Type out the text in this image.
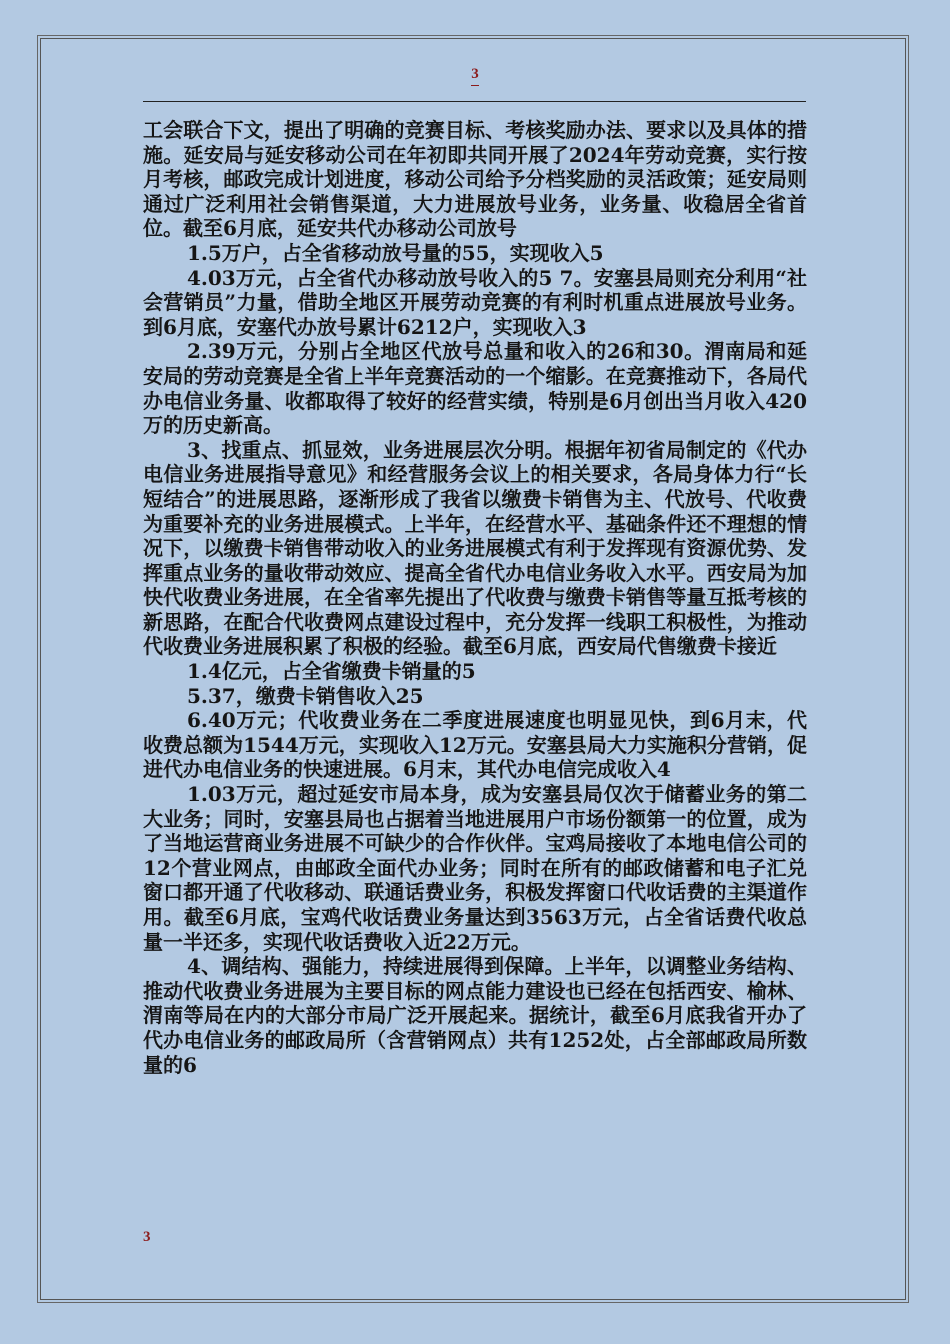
3

工会联合下文，提出了明确的竞赛目标、考核奖励办法、要求以及具体的措施。延安局与延安移动公司在年初即共同开展了2024年劳动竞赛，实行按月考核，邮政完成计划进度，移动公司给予分档奖励的灵活政策；延安局则通过广泛利用社会销售渠道，大力进展放号业务，业务量、收稳居全省首位。截至6月底，延安共代办移动公司放号

1.5万户，占全省移动放号量的55，实现收入5

4.03万元，占全省代办移动放号收入的5 7。安塞县局则充分利用“社会营销员”力量，借助全地区开展劳动竞赛的有利时机重点进展放号业务。到6月底，安塞代办放号累计6212户，实现收入3

2.39万元，分别占全地区代放号总量和收入的26和30。渭南局和延安局的劳动竞赛是全省上半年竞赛活动的一个缩影。在竞赛推动下，各局代办电信业务量、收都取得了较好的经营实绩，特别是6月创出当月收入420万的历史新高。

3、找重点、抓显效，业务进展层次分明。根据年初省局制定的《代办电信业务进展指导意见》和经营服务会议上的相关要求，各局身体力行“长短结合”的进展思路，逐渐形成了我省以缴费卡销售为主、代放号、代收费为重要补充的业务进展模式。上半年，在经营水平、基础条件还不理想的情况下，以缴费卡销售带动收入的业务进展模式有利于发挥现有资源优势、发挥重点业务的量收带动效应、提高全省代办电信业务收入水平。西安局为加快代收费业务进展，在全省率先提出了代收费与缴费卡销售等量互抵考核的新思路，在配合代收费网点建设过程中，充分发挥一线职工积极性，为推动代收费业务进展积累了积极的经验。截至6月底，西安局代售缴费卡接近

1.4亿元，占全省缴费卡销量的5

5.37，缴费卡销售收入25

6.40万元；代收费业务在二季度进展速度也明显见快，到6月末，代收费总额为1544万元，实现收入12万元。安塞县局大力实施积分营销，促进代办电信业务的快速进展。6月末，其代办电信完成收入4

1.03万元，超过延安市局本身，成为安塞县局仅次于储蓄业务的第二大业务；同时，安塞县局也占据着当地进展用户市场份额第一的位置，成为了当地运营商业务进展不可缺少的合作伙伴。宝鸡局接收了本地电信公司的12个营业网点，由邮政全面代办业务；同时在所有的邮政储蓄和电子汇兑窗口都开通了代收移动、联通话费业务，积极发挥窗口代收话费的主渠道作用。截至6月底，宝鸡代收话费业务量达到3563万元，占全省话费代收总量一半还多，实现代收话费收入近22万元。

4、调结构、强能力，持续进展得到保障。上半年，以调整业务结构、推动代收费业务进展为主要目标的网点能力建设也已经在包括西安、榆林、渭南等局在内的大部分市局广泛开展起来。据统计，截至6月底我省开办了代办电信业务的邮政局所（含营销网点）共有1252处，占全部邮政局所数量的6

3
